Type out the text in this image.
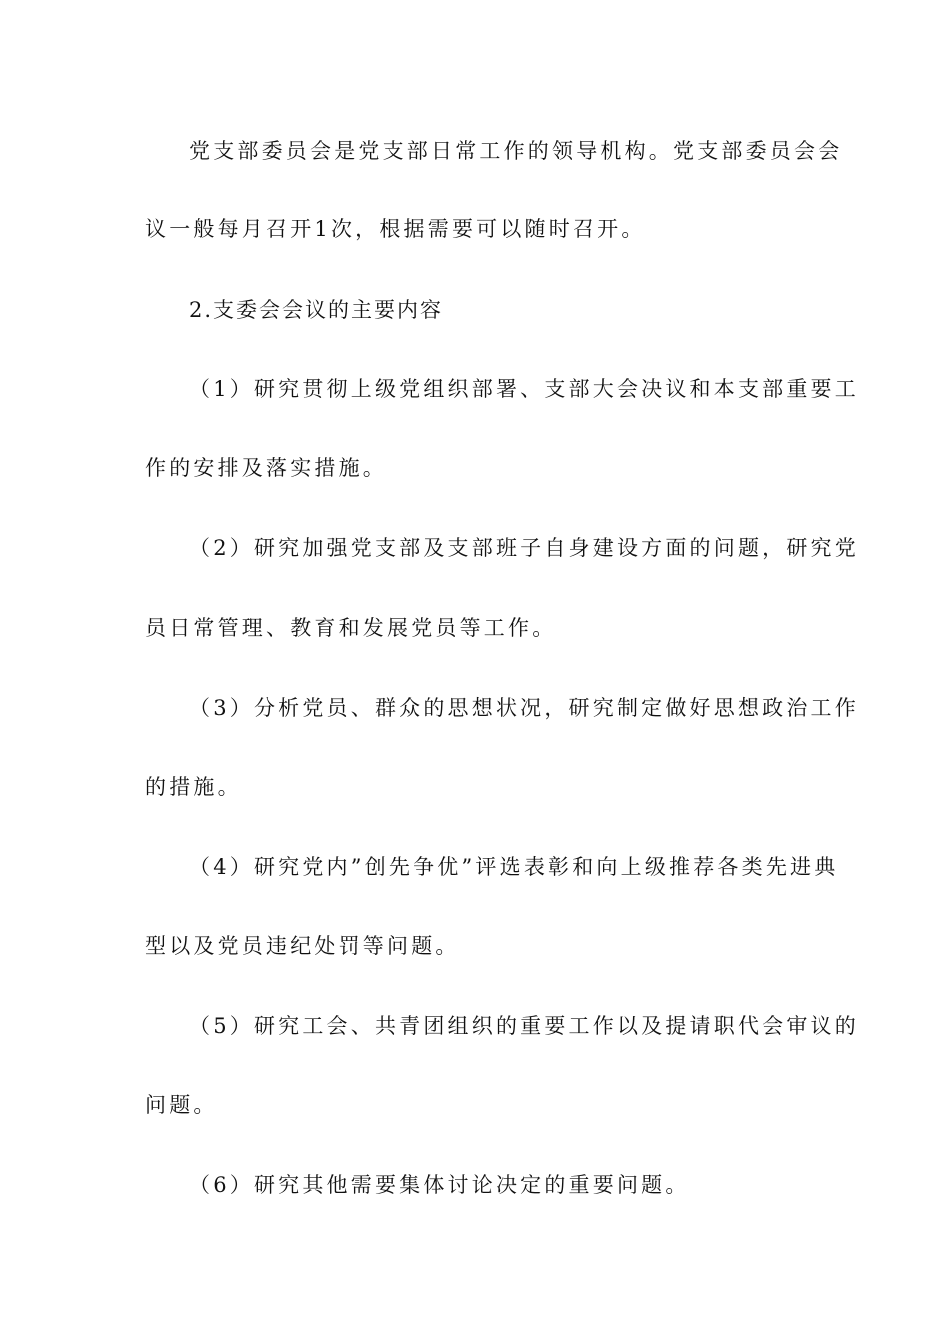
党支部委员会是党支部日常工作的领导机构。党支部委员会会
议一般每月召开1次，根据需要可以随时召开。
2.支委会会议的主要内容
（1）研究贯彻上级党组织部署、支部大会决议和本支部重要工
作的安排及落实措施。
（2）研究加强党支部及支部班子自身建设方面的问题，研究党
员日常管理、教育和发展党员等工作。
（3）分析党员、群众的思想状况，研究制定做好思想政治工作
的措施。
（4）研究党内”创先争优”评选表彰和向上级推荐各类先进典
型以及党员违纪处罚等问题。
（5）研究工会、共青团组织的重要工作以及提请职代会审议的
问题。
（6）研究其他需要集体讨论决定的重要问题。
